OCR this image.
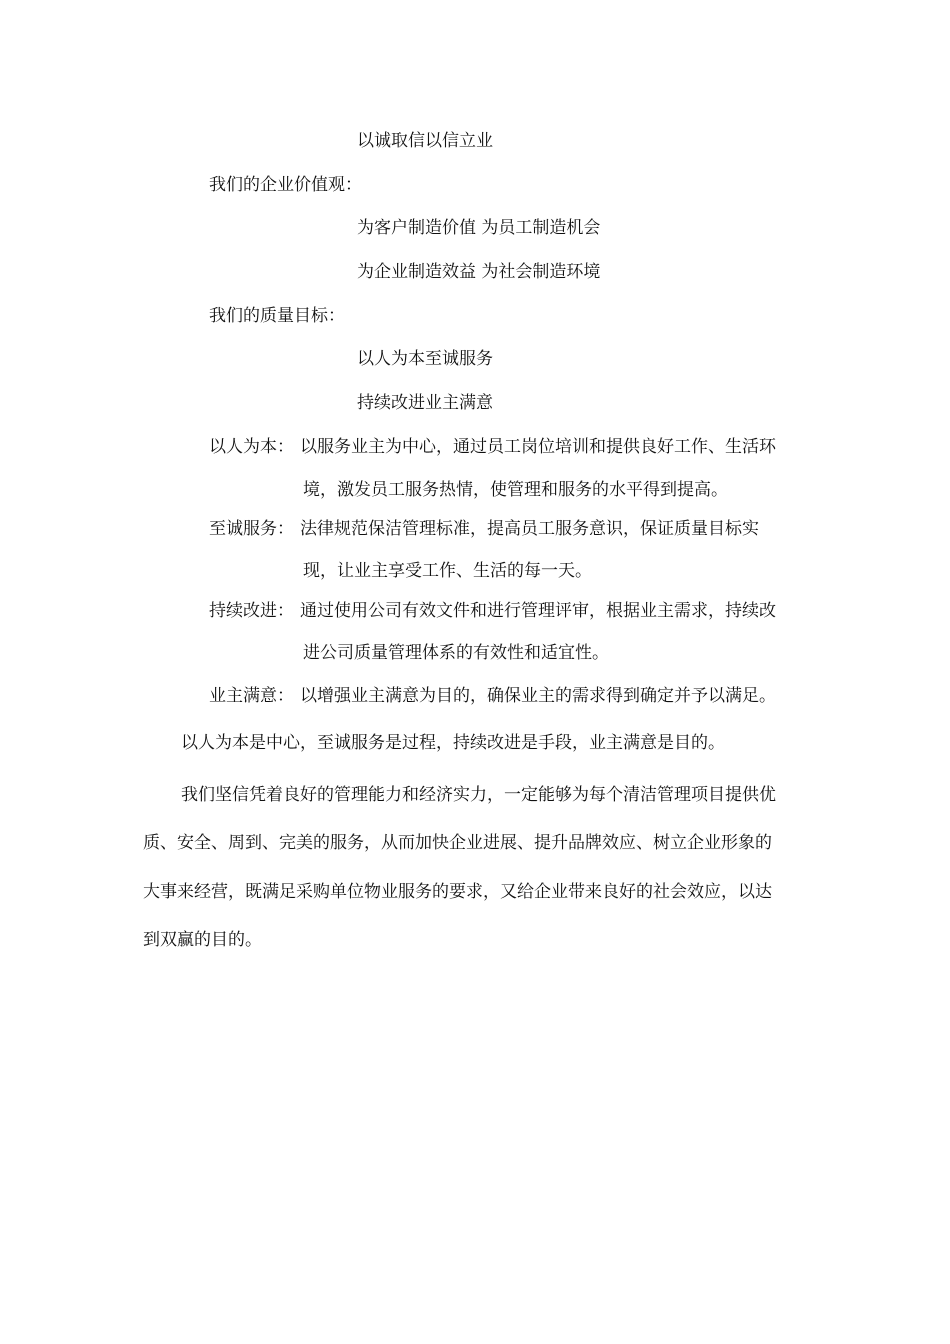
以诚取信以信立业
我们的企业价值观：
为客户制造价值 为员工制造机会
为企业制造效益 为社会制造环境
我们的质量目标：
以人为本至诚服务
持续改进业主满意
以人为本： 以服务业主为中心，通过员工岗位培训和提供良好工作、生活环
境，激发员工服务热情，使管理和服务的水平得到提高。
至诚服务： 法律规范保洁管理标准，提高员工服务意识，保证质量目标实
现，让业主享受工作、生活的每一天。
持续改进： 通过使用公司有效文件和进行管理评审，根据业主需求，持续改
进公司质量管理体系的有效性和适宜性。
业主满意： 以增强业主满意为目的，确保业主的需求得到确定并予以满足。
以人为本是中心，至诚服务是过程，持续改进是手段，业主满意是目的。
我们坚信凭着良好的管理能力和经济实力，一定能够为每个清洁管理项目提供优
质、安全、周到、完美的服务，从而加快企业进展、提升品牌效应、树立企业形象的
大事来经营，既满足采购单位物业服务的要求，又给企业带来良好的社会效应，以达
到双赢的目的。
